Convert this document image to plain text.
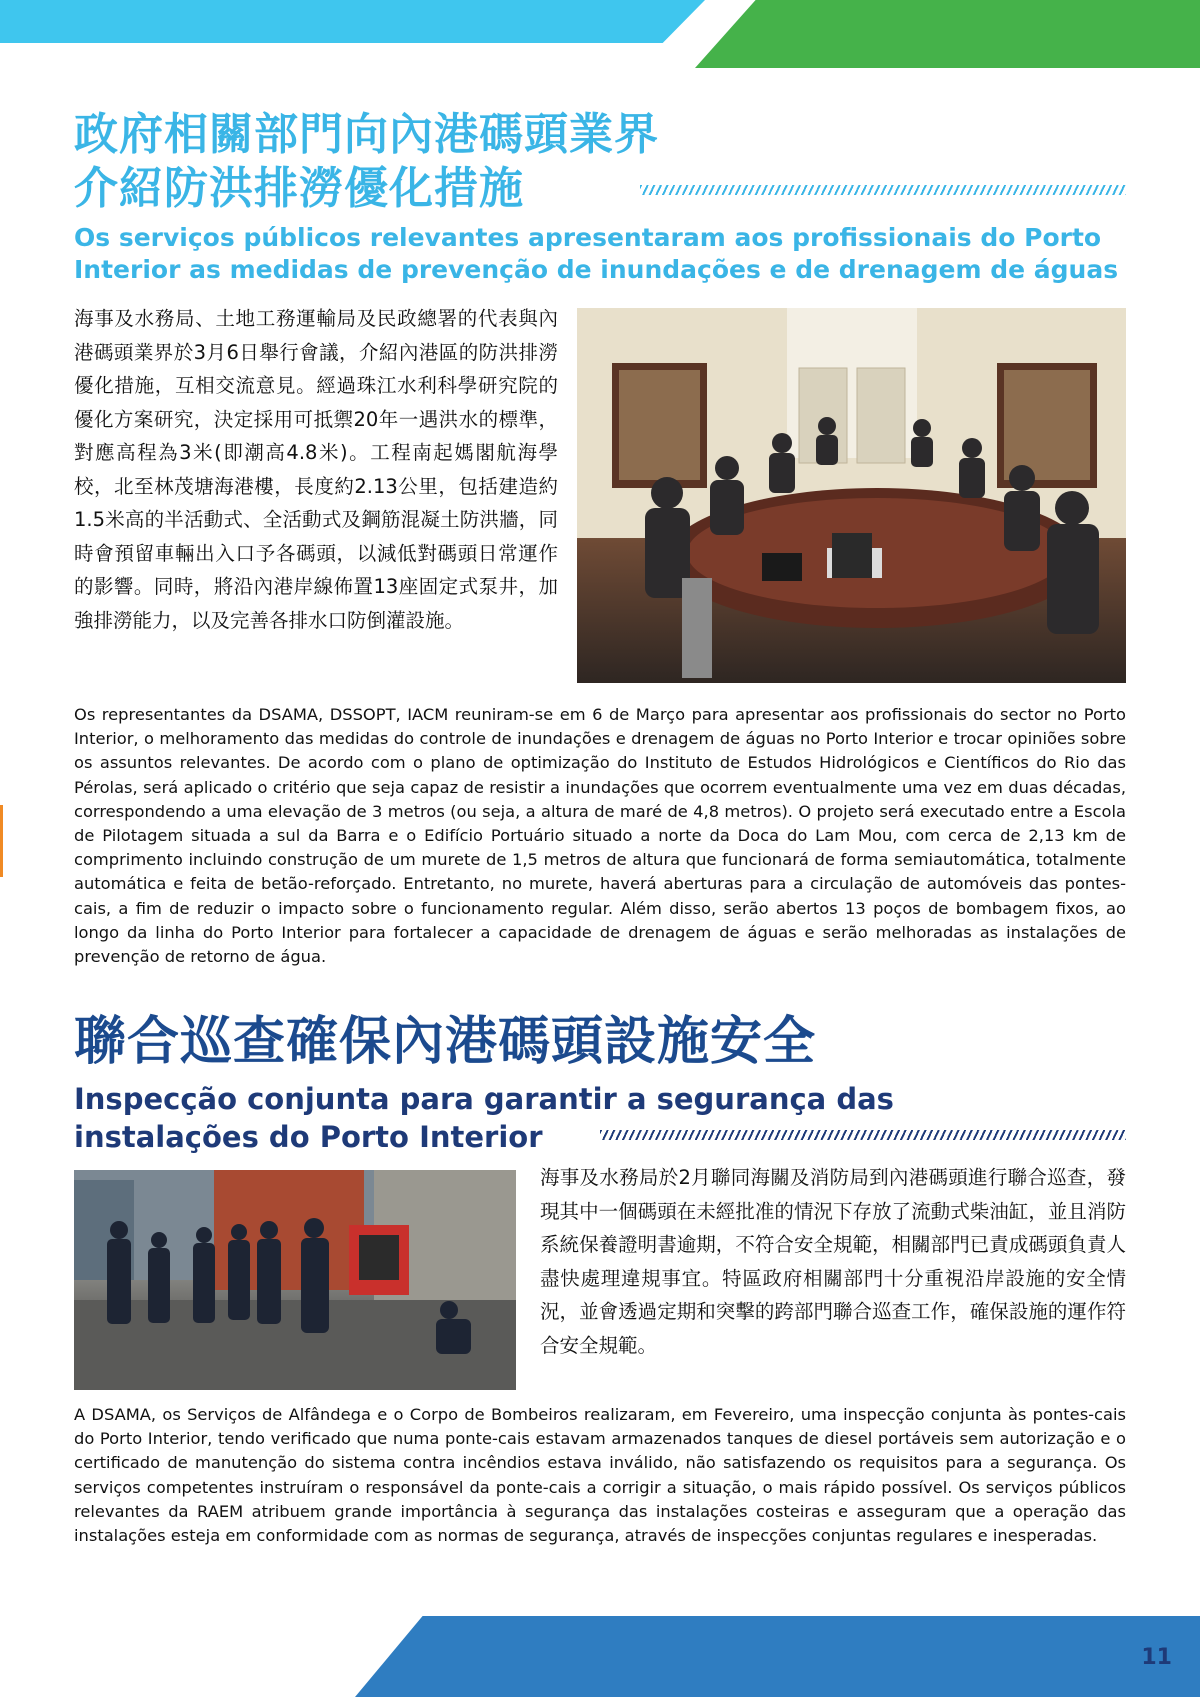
政府相關部門向內港碼頭業界
介紹防洪排澇優化措施
Os serviços públicos relevantes apresentaram aos profissionais do Porto
Interior as medidas de prevenção de inundações e de drenagem de águas

海事及水務局、土地工務運輸局及民政總署的代表與內港碼頭業界於3月6日舉行會議，介紹內港區的防洪排澇優化措施，互相交流意見。經過珠江水利科學研究院的優化方案研究，決定採用可抵禦20年一遇洪水的標準，對應高程為3米(即潮高4.8米)。工程南起媽閣航海學校，北至林茂塘海港樓，長度約2.13公里，包括建造約1.5米高的半活動式、全活動式及鋼筋混凝土防洪牆，同時會預留車輛出入口予各碼頭，以減低對碼頭日常運作的影響。同時，將沿內港岸線佈置13座固定式泵井，加強排澇能力，以及完善各排水口防倒灌設施。

Os representantes da DSAMA, DSSOPT, IACM reuniram-se em 6 de Março para apresentar aos profissionais do sector no Porto Interior, o melhoramento das medidas do controle de inundações e drenagem de águas no Porto Interior e trocar opiniões sobre os assuntos relevantes. De acordo com o plano de optimização do Instituto de Estudos Hidrológicos e Científicos do Rio das Pérolas, será aplicado o critério que seja capaz de resistir a inundações que ocorrem eventualmente uma vez em duas décadas, correspondendo a uma elevação de 3 metros (ou seja, a altura de maré de 4,8 metros). O projeto será executado entre a Escola de Pilotagem situada a sul da Barra e o Edifício Portuário situado a norte da Doca do Lam Mou, com cerca de 2,13 km de comprimento incluindo construção de um murete de 1,5 metros de altura que funcionará de forma semiautomática, totalmente automática e feita de betão-reforçado. Entretanto, no murete, haverá aberturas para a circulação de automóveis das pontes-cais, a fim de reduzir o impacto sobre o funcionamento regular. Além disso, serão abertos 13 poços de bombagem fixos, ao longo da linha do Porto Interior para fortalecer a capacidade de drenagem de águas e serão melhoradas as instalações de prevenção de retorno de água.

聯合巡查確保內港碼頭設施安全
Inspecção conjunta para garantir a segurança das
instalações do Porto Interior

海事及水務局於2月聯同海關及消防局到內港碼頭進行聯合巡查，發現其中一個碼頭在未經批准的情況下存放了流動式柴油缸，並且消防系統保養證明書逾期，不符合安全規範，相關部門已責成碼頭負責人盡快處理違規事宜。特區政府相關部門十分重視沿岸設施的安全情況，並會透過定期和突擊的跨部門聯合巡查工作，確保設施的運作符合安全規範。

A DSAMA, os Serviços de Alfândega e o Corpo de Bombeiros realizaram, em Fevereiro, uma inspecção conjunta às pontes-cais do Porto Interior, tendo verificado que numa ponte-cais estavam armazenados tanques de diesel portáveis sem autorização e o certificado de manutenção do sistema contra incêndios estava inválido, não satisfazendo os requisitos para a segurança. Os serviços competentes instruíram o responsável da ponte-cais a corrigir a situação, o mais rápido possível. Os serviços públicos relevantes da RAEM atribuem grande importância à segurança das instalações costeiras e asseguram que a operação das instalações esteja em conformidade com as normas de segurança, através de inspecções conjuntas regulares e inesperadas.

11
